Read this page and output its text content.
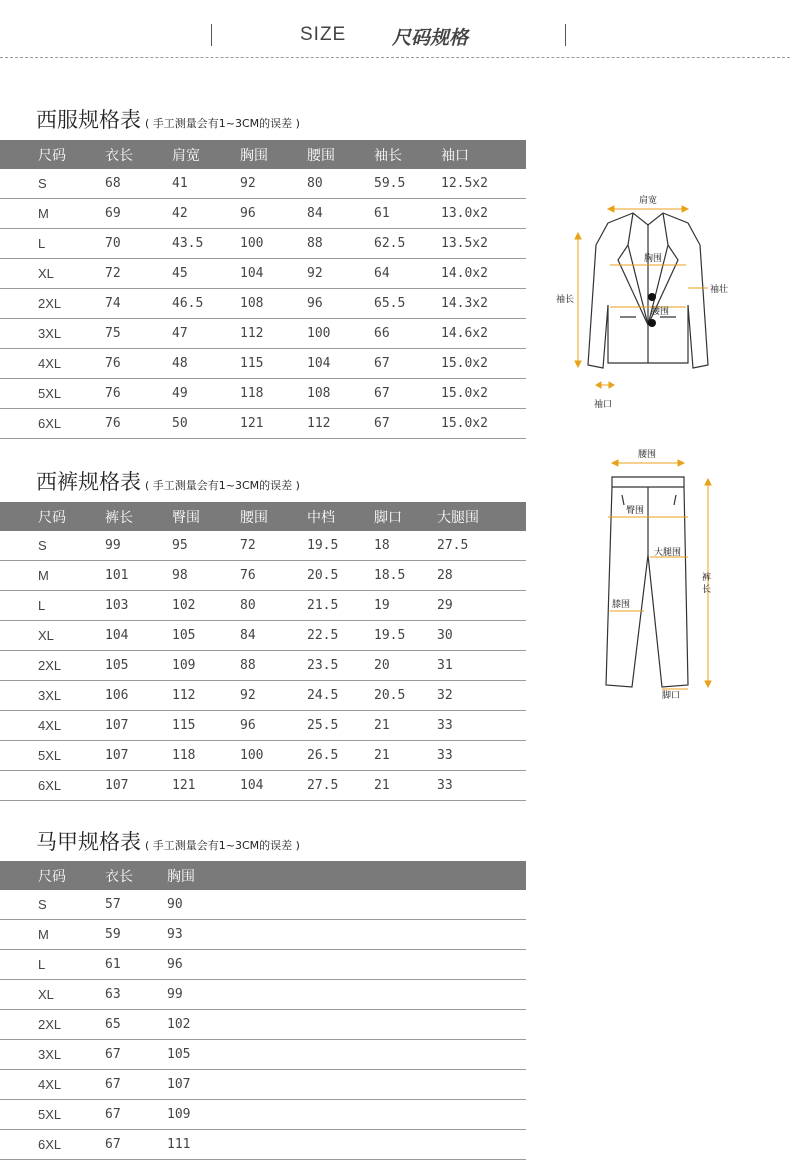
SIZE 尺码规格
西服规格表 ( 手工测量会有1~3CM的误差 )
尺码	衣长	肩宽	胸围	腰围	袖长	袖口
S	68	41	92	80	59.5	12.5x2
M	69	42	96	84	61	13.0x2
L	70	43.5	100	88	62.5	13.5x2
XL	72	45	104	92	64	14.0x2
2XL	74	46.5	108	96	65.5	14.3x2
3XL	75	47	112	100	66	14.6x2
4XL	76	48	115	104	67	15.0x2
5XL	76	49	118	108	67	15.0x2
6XL	76	50	121	112	67	15.0x2
西裤规格表 ( 手工测量会有1~3CM的误差 )
尺码	裤长	臀围	腰围	中档	脚口	大腿围
S	99	95	72	19.5	18	27.5
M	101	98	76	20.5	18.5	28
L	103	102	80	21.5	19	29
XL	104	105	84	22.5	19.5	30
2XL	105	109	88	23.5	20	31
3XL	106	112	92	24.5	20.5	32
4XL	107	115	96	25.5	21	33
5XL	107	118	100	26.5	21	33
6XL	107	121	104	27.5	21	33
马甲规格表 ( 手工测量会有1~3CM的误差 )
尺码	衣长	胸围
S	57	90
M	59	93
L	61	96
XL	63	99
2XL	65	102
3XL	67	105
4XL	67	107
5XL	67	109
6XL	67	111
肩宽
胸围
腰围
袖长
袖壮
袖口
腰围
臀围
大腿围
膝围
裤
长
脚口
